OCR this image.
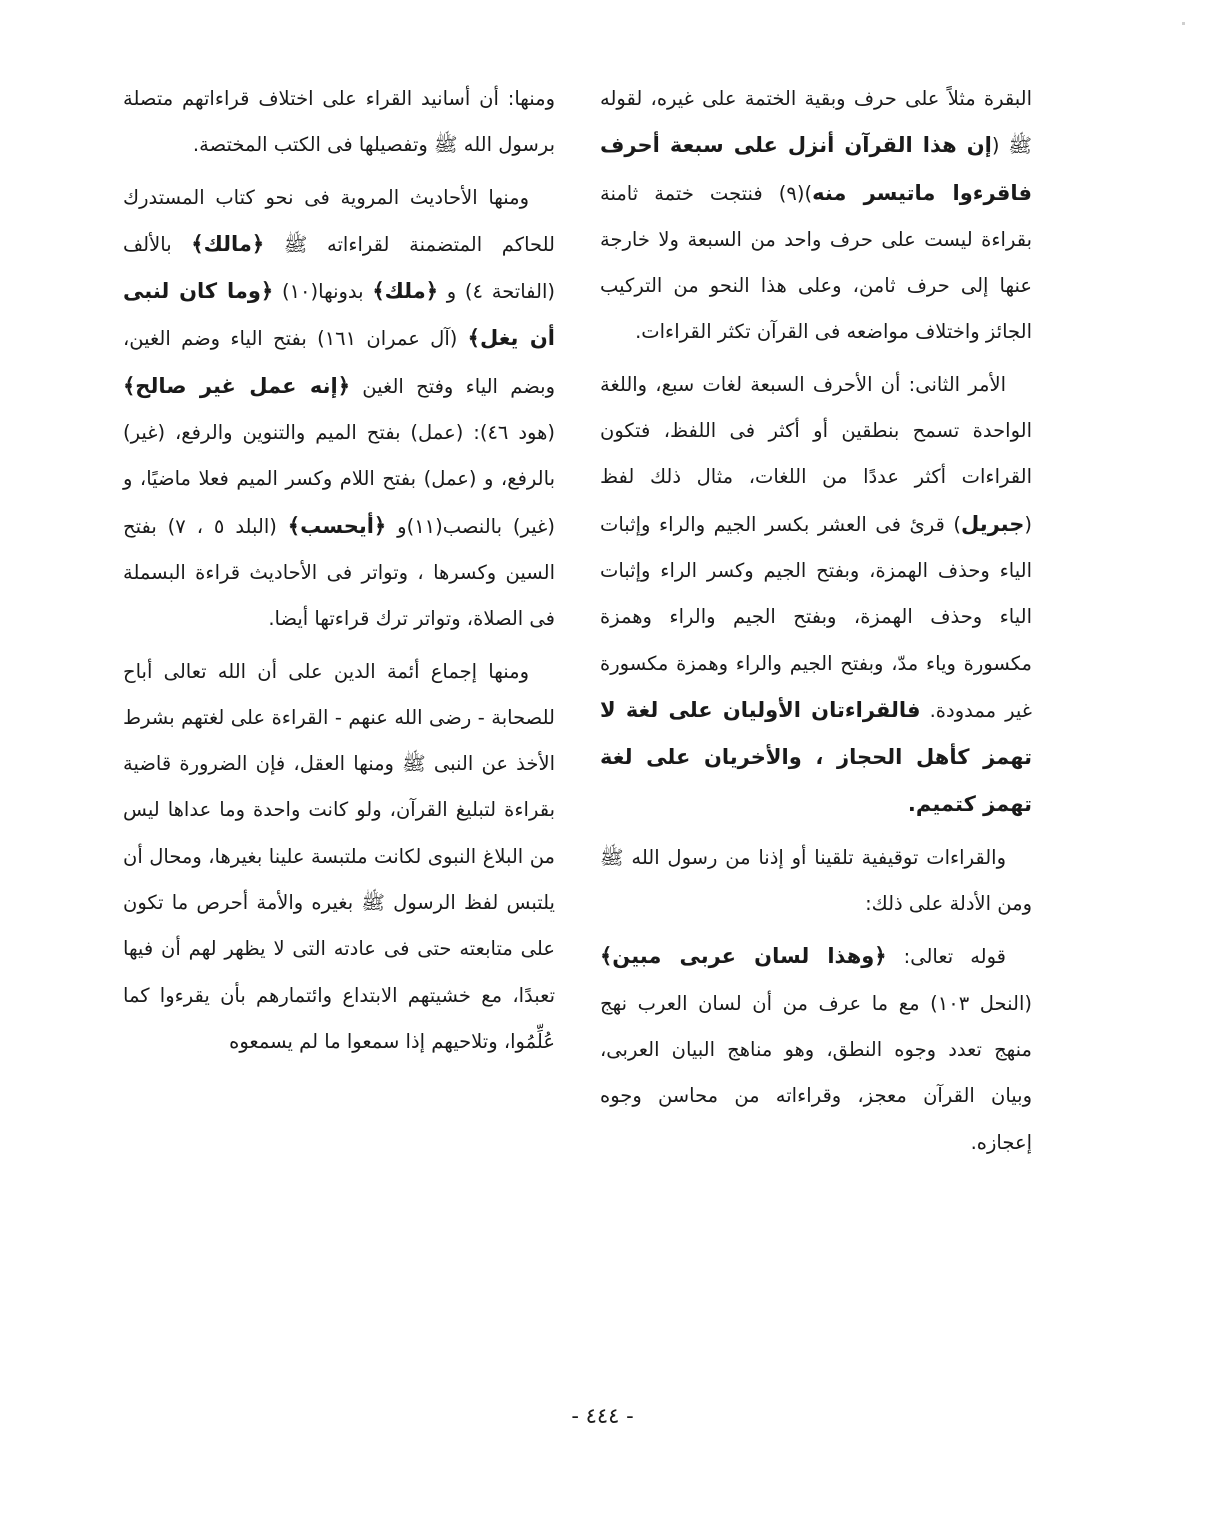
البقرة مثلاً على حرف وبقية الختمة على غيره، لقوله ﷺ (إن هذا القرآن أنزل على سبعة أحرف فاقرءوا ماتيسر منه)(٩) فنتجت ختمة ثامنة بقراءة ليست على حرف واحد من السبعة ولا خارجة عنها إلى حرف ثامن، وعلى هذا النحو من التركيب الجائز واختلاف مواضعه فى القرآن تكثر القراءات.

الأمر الثانى: أن الأحرف السبعة لغات سبع، واللغة الواحدة تسمح بنطقين أو أكثر فى اللفظ، فتكون القراءات أكثر عددًا من اللغات، مثال ذلك لفظ (جبريل) قرئ فى العشر بكسر الجيم والراء وإثبات الياء وحذف الهمزة، وبفتح الجيم وكسر الراء وإثبات الياء وحذف الهمزة، وبفتح الجيم والراء وهمزة مكسورة وياء مدّ، وبفتح الجيم والراء وهمزة مكسورة غير ممدودة. فالقراءتان الأوليان على لغة لا تهمز كأهل الحجاز ، والأخريان على لغة تهمز كتميم.

والقراءات توقيفية تلقينا أو إذنا من رسول الله ﷺ ومن الأدلة على ذلك:

قوله تعالى: ﴿وهذا لسان عربى مبين﴾ (النحل ١٠٣) مع ما عرف من أن لسان العرب نهج منهج تعدد وجوه النطق، وهو مناهج البيان العربى، وبيان القرآن معجز، وقراءاته من محاسن وجوه إعجازه.

ومنها: أن أسانيد القراء على اختلاف قراءاتهم متصلة برسول الله ﷺ وتفصيلها فى الكتب المختصة.

ومنها الأحاديث المروية فى نحو كتاب المستدرك للحاكم المتضمنة لقراءاته ﷺ ﴿مالك﴾ بالألف (الفاتحة ٤) و ﴿ملك﴾ بدونها(١٠) ﴿وما كان لنبى أن يغل﴾ (آل عمران ١٦١) بفتح الياء وضم الغين، وبضم الياء وفتح الغين ﴿إنه عمل غير صالح﴾ (هود ٤٦): (عمل) بفتح الميم والتنوين والرفع، (غير) بالرفع، و (عمل) بفتح اللام وكسر الميم فعلا ماضيًا، و (غير) بالنصب(١١)و ﴿أيحسب﴾ (البلد ٥ ، ٧) بفتح السين وكسرها ، وتواتر فى الأحاديث قراءة البسملة فى الصلاة، وتواتر ترك قراءتها أيضا.

ومنها إجماع أئمة الدين على أن الله تعالى أباح للصحابة - رضى الله عنهم - القراءة على لغتهم بشرط الأخذ عن النبى ﷺ ومنها العقل، فإن الضرورة قاضية بقراءة لتبليغ القرآن، ولو كانت واحدة وما عداها ليس من البلاغ النبوى لكانت ملتبسة علينا بغيرها، ومحال أن يلتبس لفظ الرسول ﷺ بغيره والأمة أحرص ما تكون على متابعته حتى فى عادته التى لا يظهر لهم أن فيها تعبدًا، مع خشيتهم الابتداع وائتمارهم بأن يقرءوا كما عُلِّمُوا، وتلاحيهم إذا سمعوا ما لم يسمعوه

- ٤٤٤ -
